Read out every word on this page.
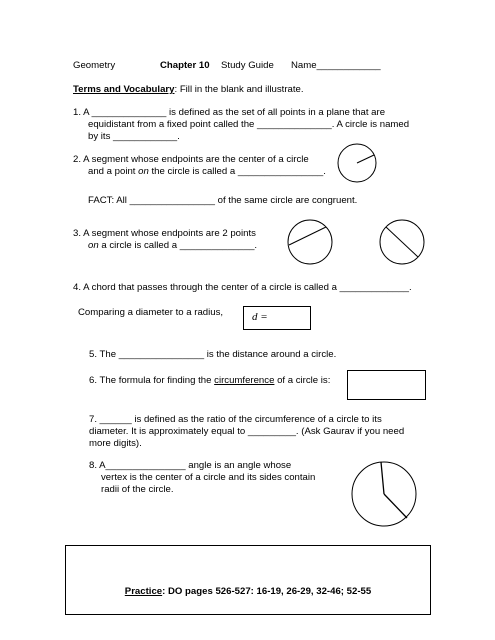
Geometry	Chapter 10 Study Guide Name____________
Terms and Vocabulary: Fill in the blank and illustrate.
1. A ______________ is defined as the set of all points in a plane that are
equidistant from a fixed point called the ______________. A circle is named
by its ____________.
2. A segment whose endpoints are the center of a circle
and a point on the circle is called a ________________.
FACT: All ________________ of the same circle are congruent.
3. A segment whose endpoints are 2 points
on a circle is called a ______________.
4. A chord that passes through the center of a circle is called a _____________.
Comparing a diameter to a radius,	d =
5. The ________________ is the distance around a circle.
6. The formula for finding the circumference of a circle is:
7. ______ is defined as the ratio of the circumference of a circle to its
diameter. It is approximately equal to _________. (Ask Gaurav if you need
more digits).
8. A_______________ angle is an angle whose
vertex is the center of a circle and its sides contain
radii of the circle.
Practice: DO pages 526-527: 16-19, 26-29, 32-46; 52-55
